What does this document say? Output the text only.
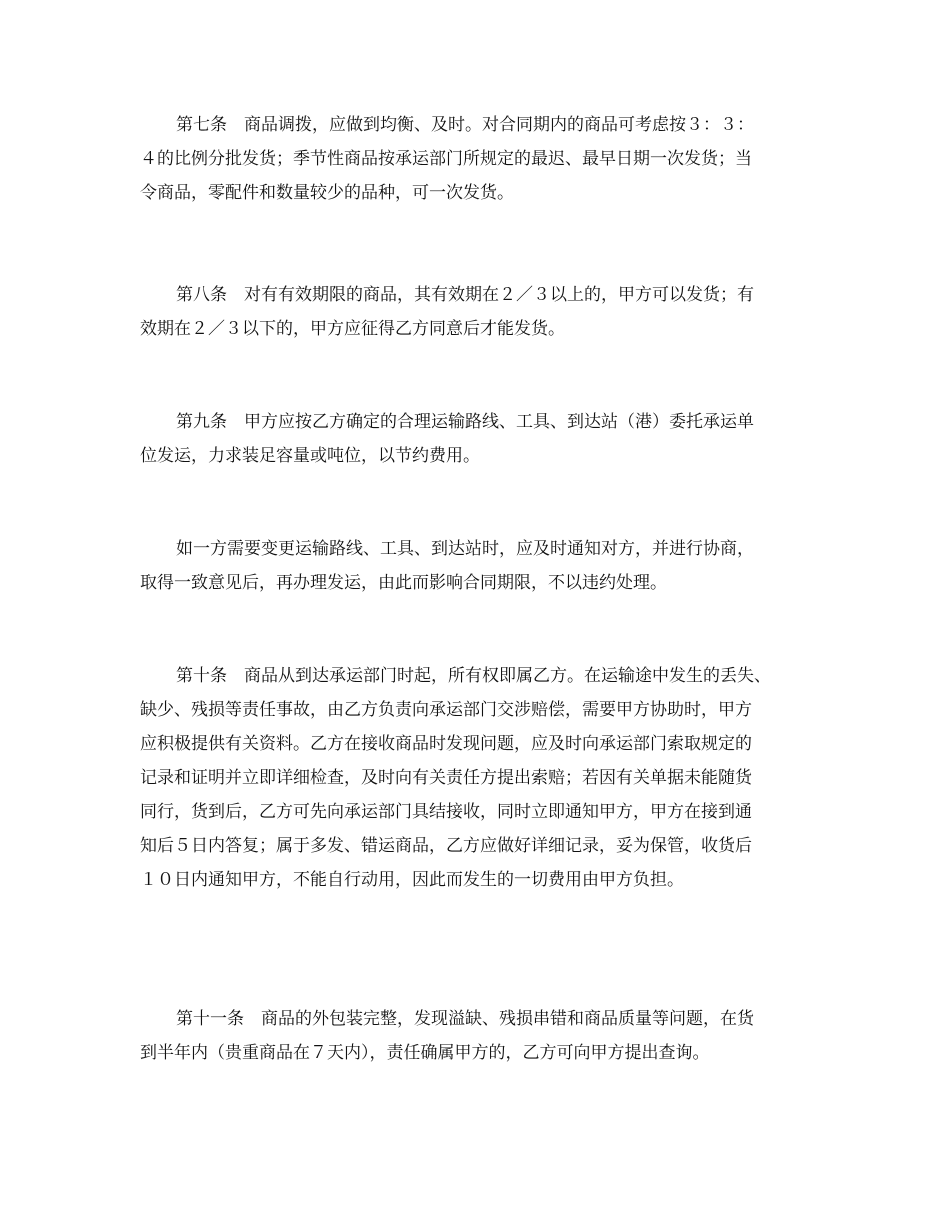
第七条　商品调拨，应做到均衡、及时。对合同期内的商品可考虑按３：３：
４的比例分批发货；季节性商品按承运部门所规定的最迟、最早日期一次发货；当
令商品，零配件和数量较少的品种，可一次发货。
第八条　对有有效期限的商品，其有效期在２／３以上的，甲方可以发货；有
效期在２／３以下的，甲方应征得乙方同意后才能发货。
第九条　甲方应按乙方确定的合理运输路线、工具、到达站（港）委托承运单
位发运，力求装足容量或吨位，以节约费用。
如一方需要变更运输路线、工具、到达站时，应及时通知对方，并进行协商，
取得一致意见后，再办理发运，由此而影响合同期限，不以违约处理。
第十条　商品从到达承运部门时起，所有权即属乙方。在运输途中发生的丢失、
缺少、残损等责任事故，由乙方负责向承运部门交涉赔偿，需要甲方协助时，甲方
应积极提供有关资料。乙方在接收商品时发现问题，应及时向承运部门索取规定的
记录和证明并立即详细检查，及时向有关责任方提出索赔；若因有关单据未能随货
同行，货到后，乙方可先向承运部门具结接收，同时立即通知甲方，甲方在接到通
知后５日内答复；属于多发、错运商品，乙方应做好详细记录，妥为保管，收货后
１０日内通知甲方，不能自行动用，因此而发生的一切费用由甲方负担。
第十一条　商品的外包装完整，发现溢缺、残损串错和商品质量等问题，在货
到半年内（贵重商品在７天内），责任确属甲方的，乙方可向甲方提出查询。
